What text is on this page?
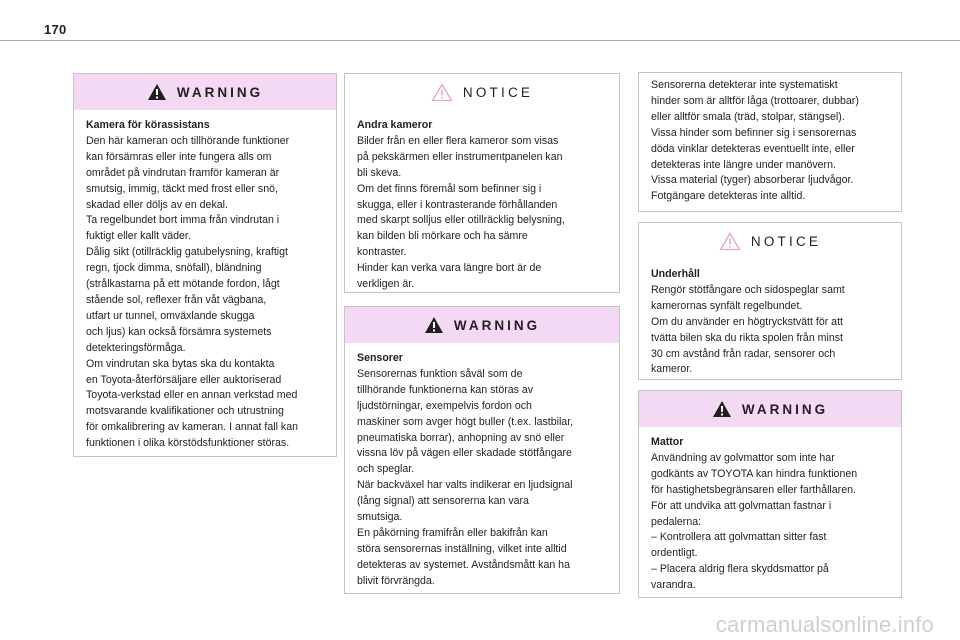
170
WARNING
Kamera för körassistans
Den här kameran och tillhörande funktioner
kan försämras eller inte fungera alls om
området på vindrutan framför kameran är
smutsig, immig, täckt med frost eller snö,
skadad eller döljs av en dekal.
Ta regelbundet bort imma från vindrutan i
fuktigt eller kallt väder.
Dålig sikt (otillräcklig gatubelysning, kraftigt
regn, tjock dimma, snöfall), bländning
(strålkastarna på ett mötande fordon, lågt
stående sol, reflexer från våt vägbana,
utfart ur tunnel, omväxlande skugga
och ljus) kan också försämra systemets
detekteringsförmåga.
Om vindrutan ska bytas ska du kontakta
en Toyota-återförsäljare eller auktoriserad
Toyota-verkstad eller en annan verkstad med
motsvarande kvalifikationer och utrustning
för omkalibrering av kameran. I annat fall kan
funktionen i olika körstödsfunktioner störas.
NOTICE
Andra kameror
Bilder från en eller flera kameror som visas
på pekskärmen eller instrumentpanelen kan
bli skeva.
Om det finns föremål som befinner sig i
skugga, eller i kontrasterande förhållanden
med skarpt solljus eller otillräcklig belysning,
kan bilden bli mörkare och ha sämre
kontraster.
Hinder kan verka vara längre bort är de
verkligen är.
WARNING
Sensorer
Sensorernas funktion såväl som de
tillhörande funktionerna kan störas av
ljudstörningar, exempelvis fordon och
maskiner som avger högt buller (t.ex. lastbilar,
pneumatiska borrar), anhopning av snö eller
vissna löv på vägen eller skadade stötfångare
och speglar.
När backväxel har valts indikerar en ljudsignal
(lång signal) att sensorerna kan vara
smutsiga.
En påkörning framifrån eller bakifrån kan
störa sensorernas inställning, vilket inte alltid
detekteras av systemet. Avståndsmått kan ha
blivit förvrängda.
Sensorerna detekterar inte systematiskt
hinder som är alltför låga (trottoarer, dubbar)
eller alltför smala (träd, stolpar, stängsel).
Vissa hinder som befinner sig i sensorernas
döda vinklar detekteras eventuellt inte, eller
detekteras inte längre under manövern.
Vissa material (tyger) absorberar ljudvågor.
Fotgängare detekteras inte alltid.
NOTICE
Underhåll
Rengör stötfångare och sidospeglar samt
kamerornas synfält regelbundet.
Om du använder en högtryckstvätt för att
tvätta bilen ska du rikta spolen från minst
30 cm avstånd från radar, sensorer och
kameror.
WARNING
Mattor
Användning av golvmattor som inte har
godkänts av TOYOTA kan hindra funktionen
för hastighetsbegränsaren eller farthållaren.
För att undvika att golvmattan fastnar i
pedalerna:
– Kontrollera att golvmattan sitter fast
ordentligt.
– Placera aldrig flera skyddsmattor på
varandra.
carmanualsonline.info
